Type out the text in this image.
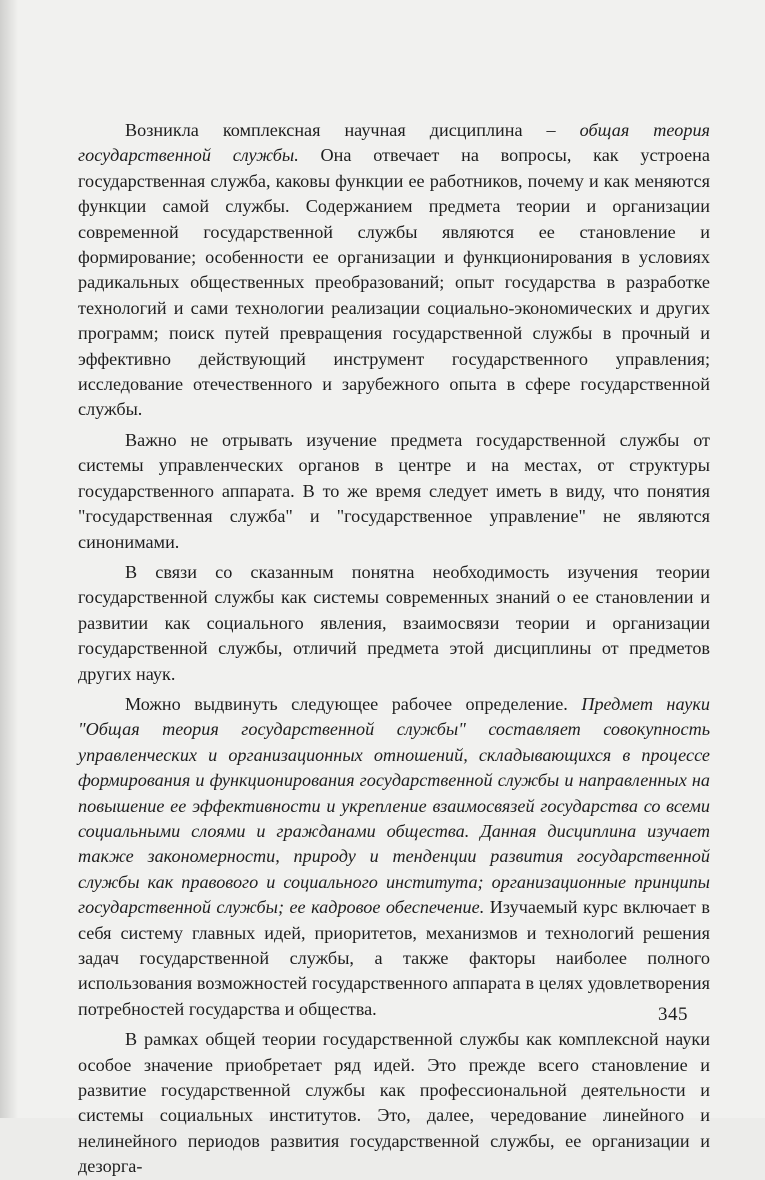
Возникла комплексная научная дисциплина – общая теория государственной службы. Она отвечает на вопросы, как устроена государственная служба, каковы функции ее работников, почему и как меняются функции самой службы. Содержанием предмета теории и организации современной государственной службы являются ее становление и формирование; особенности ее организации и функционирования в условиях радикальных общественных преобразований; опыт государства в разработке технологий и сами технологии реализации социально-экономических и других программ; поиск путей превращения государственной службы в прочный и эффективно действующий инструмент государственного управления; исследование отечественного и зарубежного опыта в сфере государственной службы.

Важно не отрывать изучение предмета государственной службы от системы управленческих органов в центре и на местах, от структуры государственного аппарата. В то же время следует иметь в виду, что понятия "государственная служба" и "государственное управление" не являются синонимами.

В связи со сказанным понятна необходимость изучения теории государственной службы как системы современных знаний о ее становлении и развитии как социального явления, взаимосвязи теории и организации государственной службы, отличий предмета этой дисциплины от предметов других наук.

Можно выдвинуть следующее рабочее определение. Предмет науки "Общая теория государственной службы" составляет совокупность управленческих и организационных отношений, складывающихся в процессе формирования и функционирования государственной службы и направленных на повышение ее эффективности и укрепление взаимосвязей государства со всеми социальными слоями и гражданами общества. Данная дисциплина изучает также закономерности, природу и тенденции развития государственной службы как правового и социального института; организационные принципы государственной службы; ее кадровое обеспечение. Изучаемый курс включает в себя систему главных идей, приоритетов, механизмов и технологий решения задач государственной службы, а также факторы наиболее полного использования возможностей государственного аппарата в целях удовлетворения потребностей государства и общества.

В рамках общей теории государственной службы как комплексной науки особое значение приобретает ряд идей. Это прежде всего становление и развитие государственной службы как профессиональной деятельности и системы социальных институтов. Это, далее, чередование линейного и нелинейного периодов развития государственной службы, ее организации и дезорга-

345
